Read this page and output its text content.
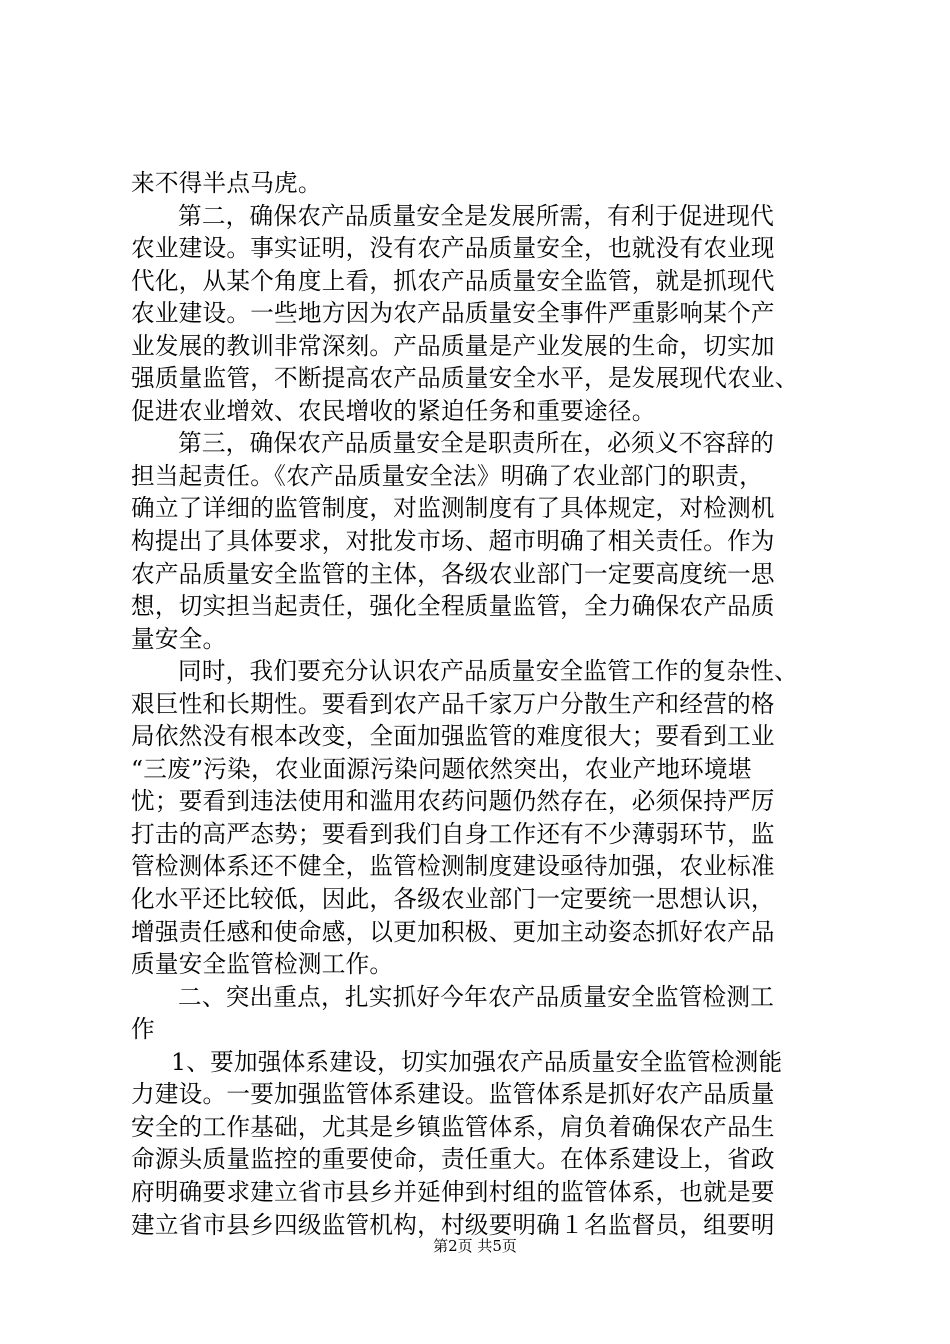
来不得半点马虎。
第二，确保农产品质量安全是发展所需，有利于促进现代
农业建设。事实证明，没有农产品质量安全，也就没有农业现
代化，从某个角度上看，抓农产品质量安全监管，就是抓现代
农业建设。一些地方因为农产品质量安全事件严重影响某个产
业发展的教训非常深刻。产品质量是产业发展的生命，切实加
强质量监管，不断提高农产品质量安全水平，是发展现代农业、
促进农业增效、农民增收的紧迫任务和重要途径。
第三，确保农产品质量安全是职责所在，必须义不容辞的
担当起责任。《农产品质量安全法》明确了农业部门的职责，
确立了详细的监管制度，对监测制度有了具体规定，对检测机
构提出了具体要求，对批发市场、超市明确了相关责任。作为
农产品质量安全监管的主体，各级农业部门一定要高度统一思
想，切实担当起责任，强化全程质量监管，全力确保农产品质
量安全。
同时，我们要充分认识农产品质量安全监管工作的复杂性、
艰巨性和长期性。要看到农产品千家万户分散生产和经营的格
局依然没有根本改变，全面加强监管的难度很大；要看到工业
“三废”污染，农业面源污染问题依然突出，农业产地环境堪
忧；要看到违法使用和滥用农药问题仍然存在，必须保持严厉
打击的高严态势；要看到我们自身工作还有不少薄弱环节，监
管检测体系还不健全，监管检测制度建设亟待加强，农业标准
化水平还比较低，因此，各级农业部门一定要统一思想认识，
增强责任感和使命感，以更加积极、更加主动姿态抓好农产品
质量安全监管检测工作。
二、突出重点，扎实抓好今年农产品质量安全监管检测工
作
1、要加强体系建设，切实加强农产品质量安全监管检测能
力建设。一要加强监管体系建设。监管体系是抓好农产品质量
安全的工作基础，尤其是乡镇监管体系，肩负着确保农产品生
命源头质量监控的重要使命，责任重大。在体系建设上，省政
府明确要求建立省市县乡并延伸到村组的监管体系，也就是要
建立省市县乡四级监管机构，村级要明确１名监督员，组要明
第2页 共5页
